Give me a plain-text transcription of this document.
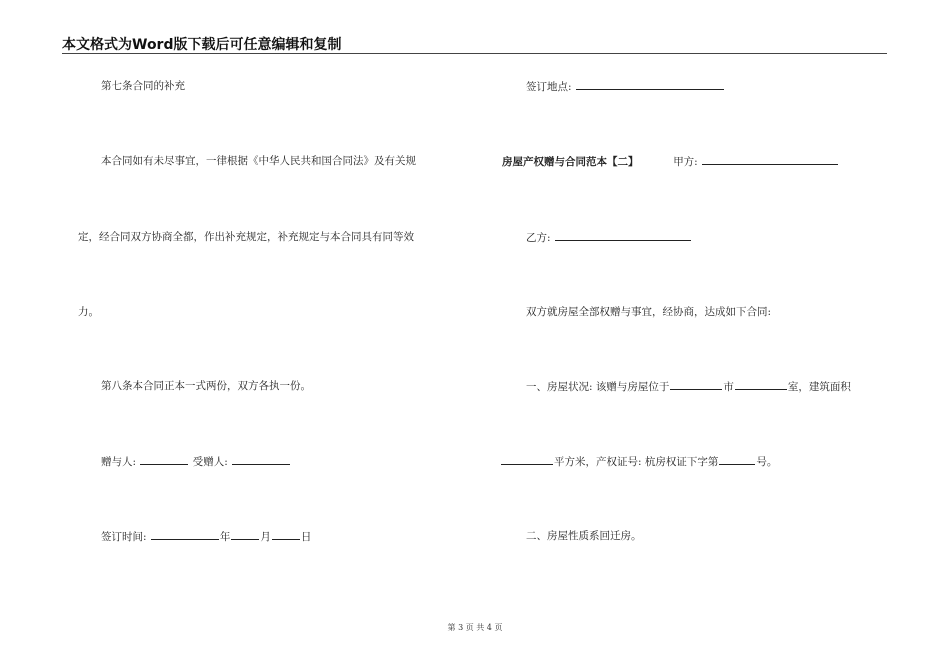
本文格式为Word版下载后可任意编辑和复制
第七条合同的补充
本合同如有未尽事宜，一律根据《中华人民共和国合同法》及有关规
定，经合同双方协商全都，作出补充规定，补充规定与本合同具有同等效
力。
第八条本合同正本一式两份，双方各执一份。
赠与人:	受赠人:
签订时间:	年	月	日
签订地点:
房屋产权赠与合同范本【二】	甲方:
乙方:
双方就房屋全部权赠与事宜，经协商，达成如下合同:
一、房屋状况: 该赠与房屋位于	市	室，建筑面积
平方米，产权证号: 杭房权证下字第	号。
二、房屋性质系回迁房。
第 3 页 共 4 页
